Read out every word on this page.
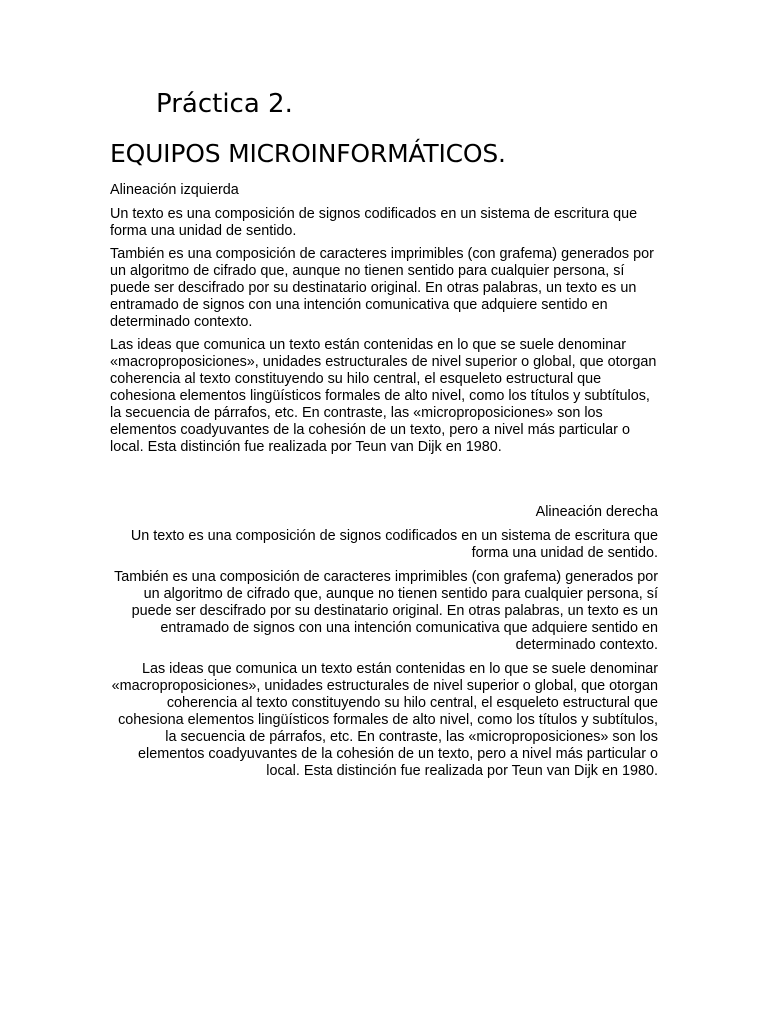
Práctica 2.
EQUIPOS MICROINFORMÁTICOS.

Alineación izquierda

Un texto es una composición de signos codificados en un sistema de escritura que forma una unidad de sentido.

También es una composición de caracteres imprimibles (con grafema) generados por un algoritmo de cifrado que, aunque no tienen sentido para cualquier persona, sí puede ser descifrado por su destinatario original. En otras palabras, un texto es un entramado de signos con una intención comunicativa que adquiere sentido en determinado contexto.

Las ideas que comunica un texto están contenidas en lo que se suele denominar «macroproposiciones», unidades estructurales de nivel superior o global, que otorgan coherencia al texto constituyendo su hilo central, el esqueleto estructural que cohesiona elementos lingüísticos formales de alto nivel, como los títulos y subtítulos, la secuencia de párrafos, etc. En contraste, las «microproposiciones» son los elementos coadyuvantes de la cohesión de un texto, pero a nivel más particular o local. Esta distinción fue realizada por Teun van Dijk en 1980.

Alineación derecha

Un texto es una composición de signos codificados en un sistema de escritura que forma una unidad de sentido.

También es una composición de caracteres imprimibles (con grafema) generados por un algoritmo de cifrado que, aunque no tienen sentido para cualquier persona, sí puede ser descifrado por su destinatario original. En otras palabras, un texto es un entramado de signos con una intención comunicativa que adquiere sentido en determinado contexto.

Las ideas que comunica un texto están contenidas en lo que se suele denominar «macroproposiciones», unidades estructurales de nivel superior o global, que otorgan coherencia al texto constituyendo su hilo central, el esqueleto estructural que cohesiona elementos lingüísticos formales de alto nivel, como los títulos y subtítulos, la secuencia de párrafos, etc. En contraste, las «microproposiciones» son los elementos coadyuvantes de la cohesión de un texto, pero a nivel más particular o local. Esta distinción fue realizada por Teun van Dijk en 1980.
